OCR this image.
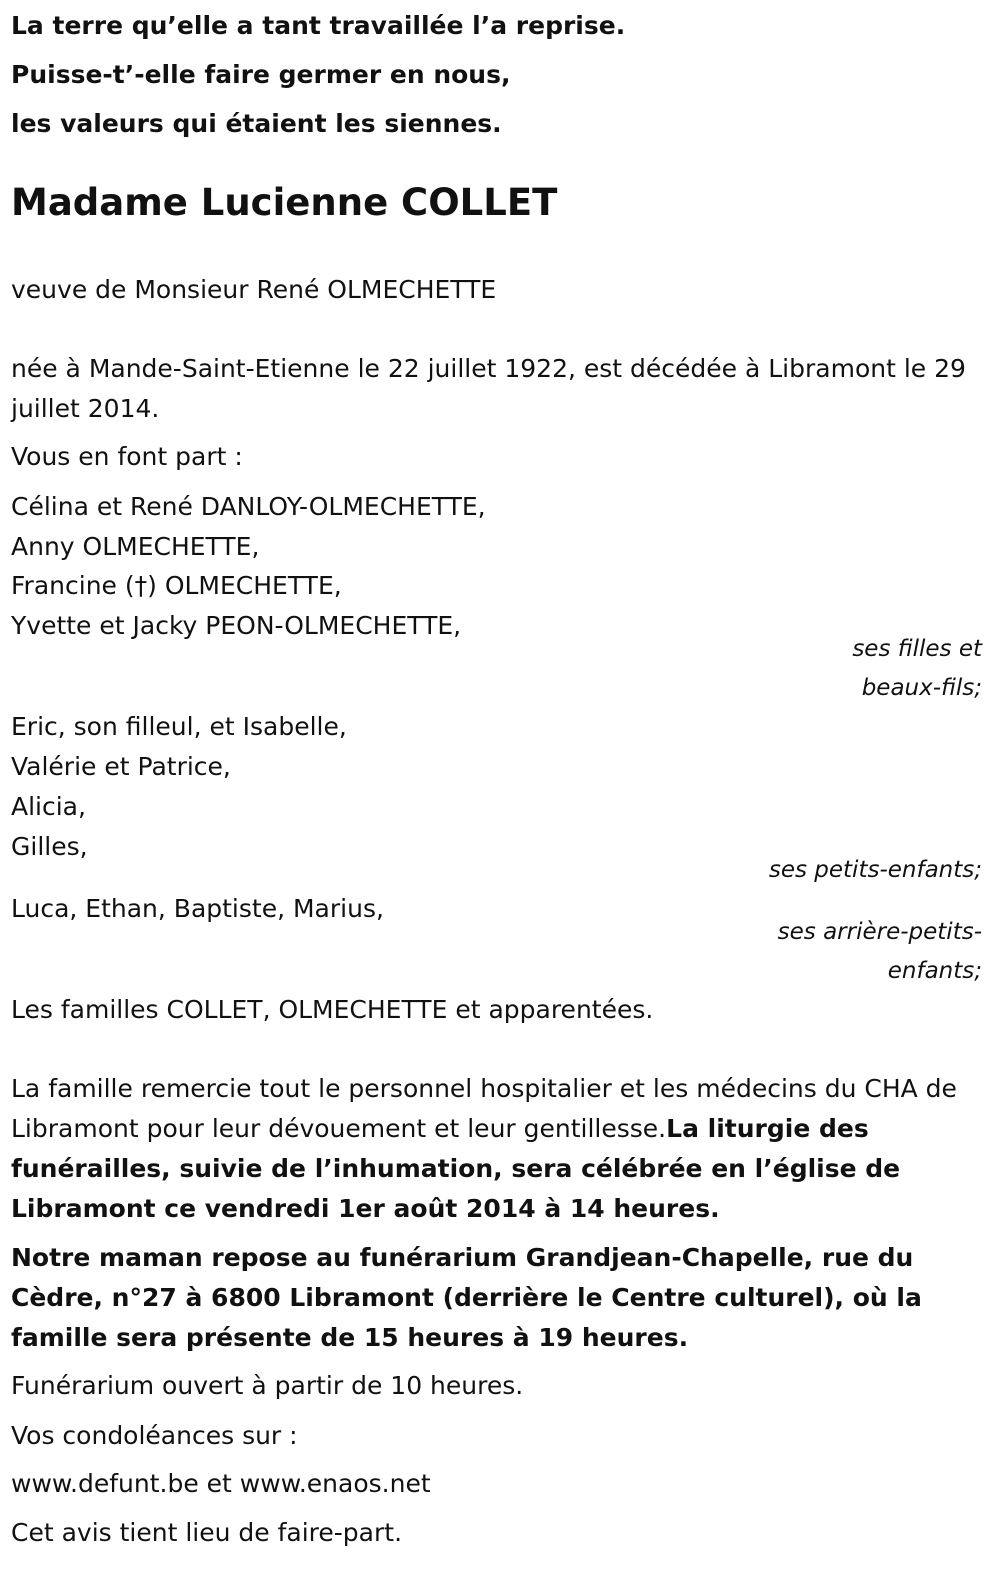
La terre qu’elle a tant travaillée l’a reprise.

Puisse-t’-elle faire germer en nous,

les valeurs qui étaient les siennes.

Madame Lucienne COLLET

veuve de Monsieur René OLMECHETTE

née à Mande-Saint-Etienne le 22 juillet 1922, est décédée à Libramont le 29 juillet 2014.

Vous en font part :

Célina et René DANLOY-OLMECHETTE,

Anny OLMECHETTE,

Francine (†) OLMECHETTE,

Yvette et Jacky PEON-OLMECHETTE,

ses filles et

beaux-fils;

Eric, son filleul, et Isabelle,

Valérie et Patrice,

Alicia,

Gilles,

ses petits-enfants;

Luca, Ethan, Baptiste, Marius,

ses arrière-petits-

enfants;

Les familles COLLET, OLMECHETTE et apparentées.

La famille remercie tout le personnel hospitalier et les médecins du CHA de Libramont pour leur dévouement et leur gentillesse.La liturgie des funérailles, suivie de l’inhumation, sera célébrée en l’église de Libramont ce vendredi 1er août 2014 à 14 heures.

Notre maman repose au funérarium Grandjean-Chapelle, rue du Cèdre, n°27 à 6800 Libramont (derrière le Centre culturel), où la famille sera présente de 15 heures à 19 heures.

Funérarium ouvert à partir de 10 heures.

Vos condoléances sur :

www.defunt.be et www.enaos.net

Cet avis tient lieu de faire-part.
